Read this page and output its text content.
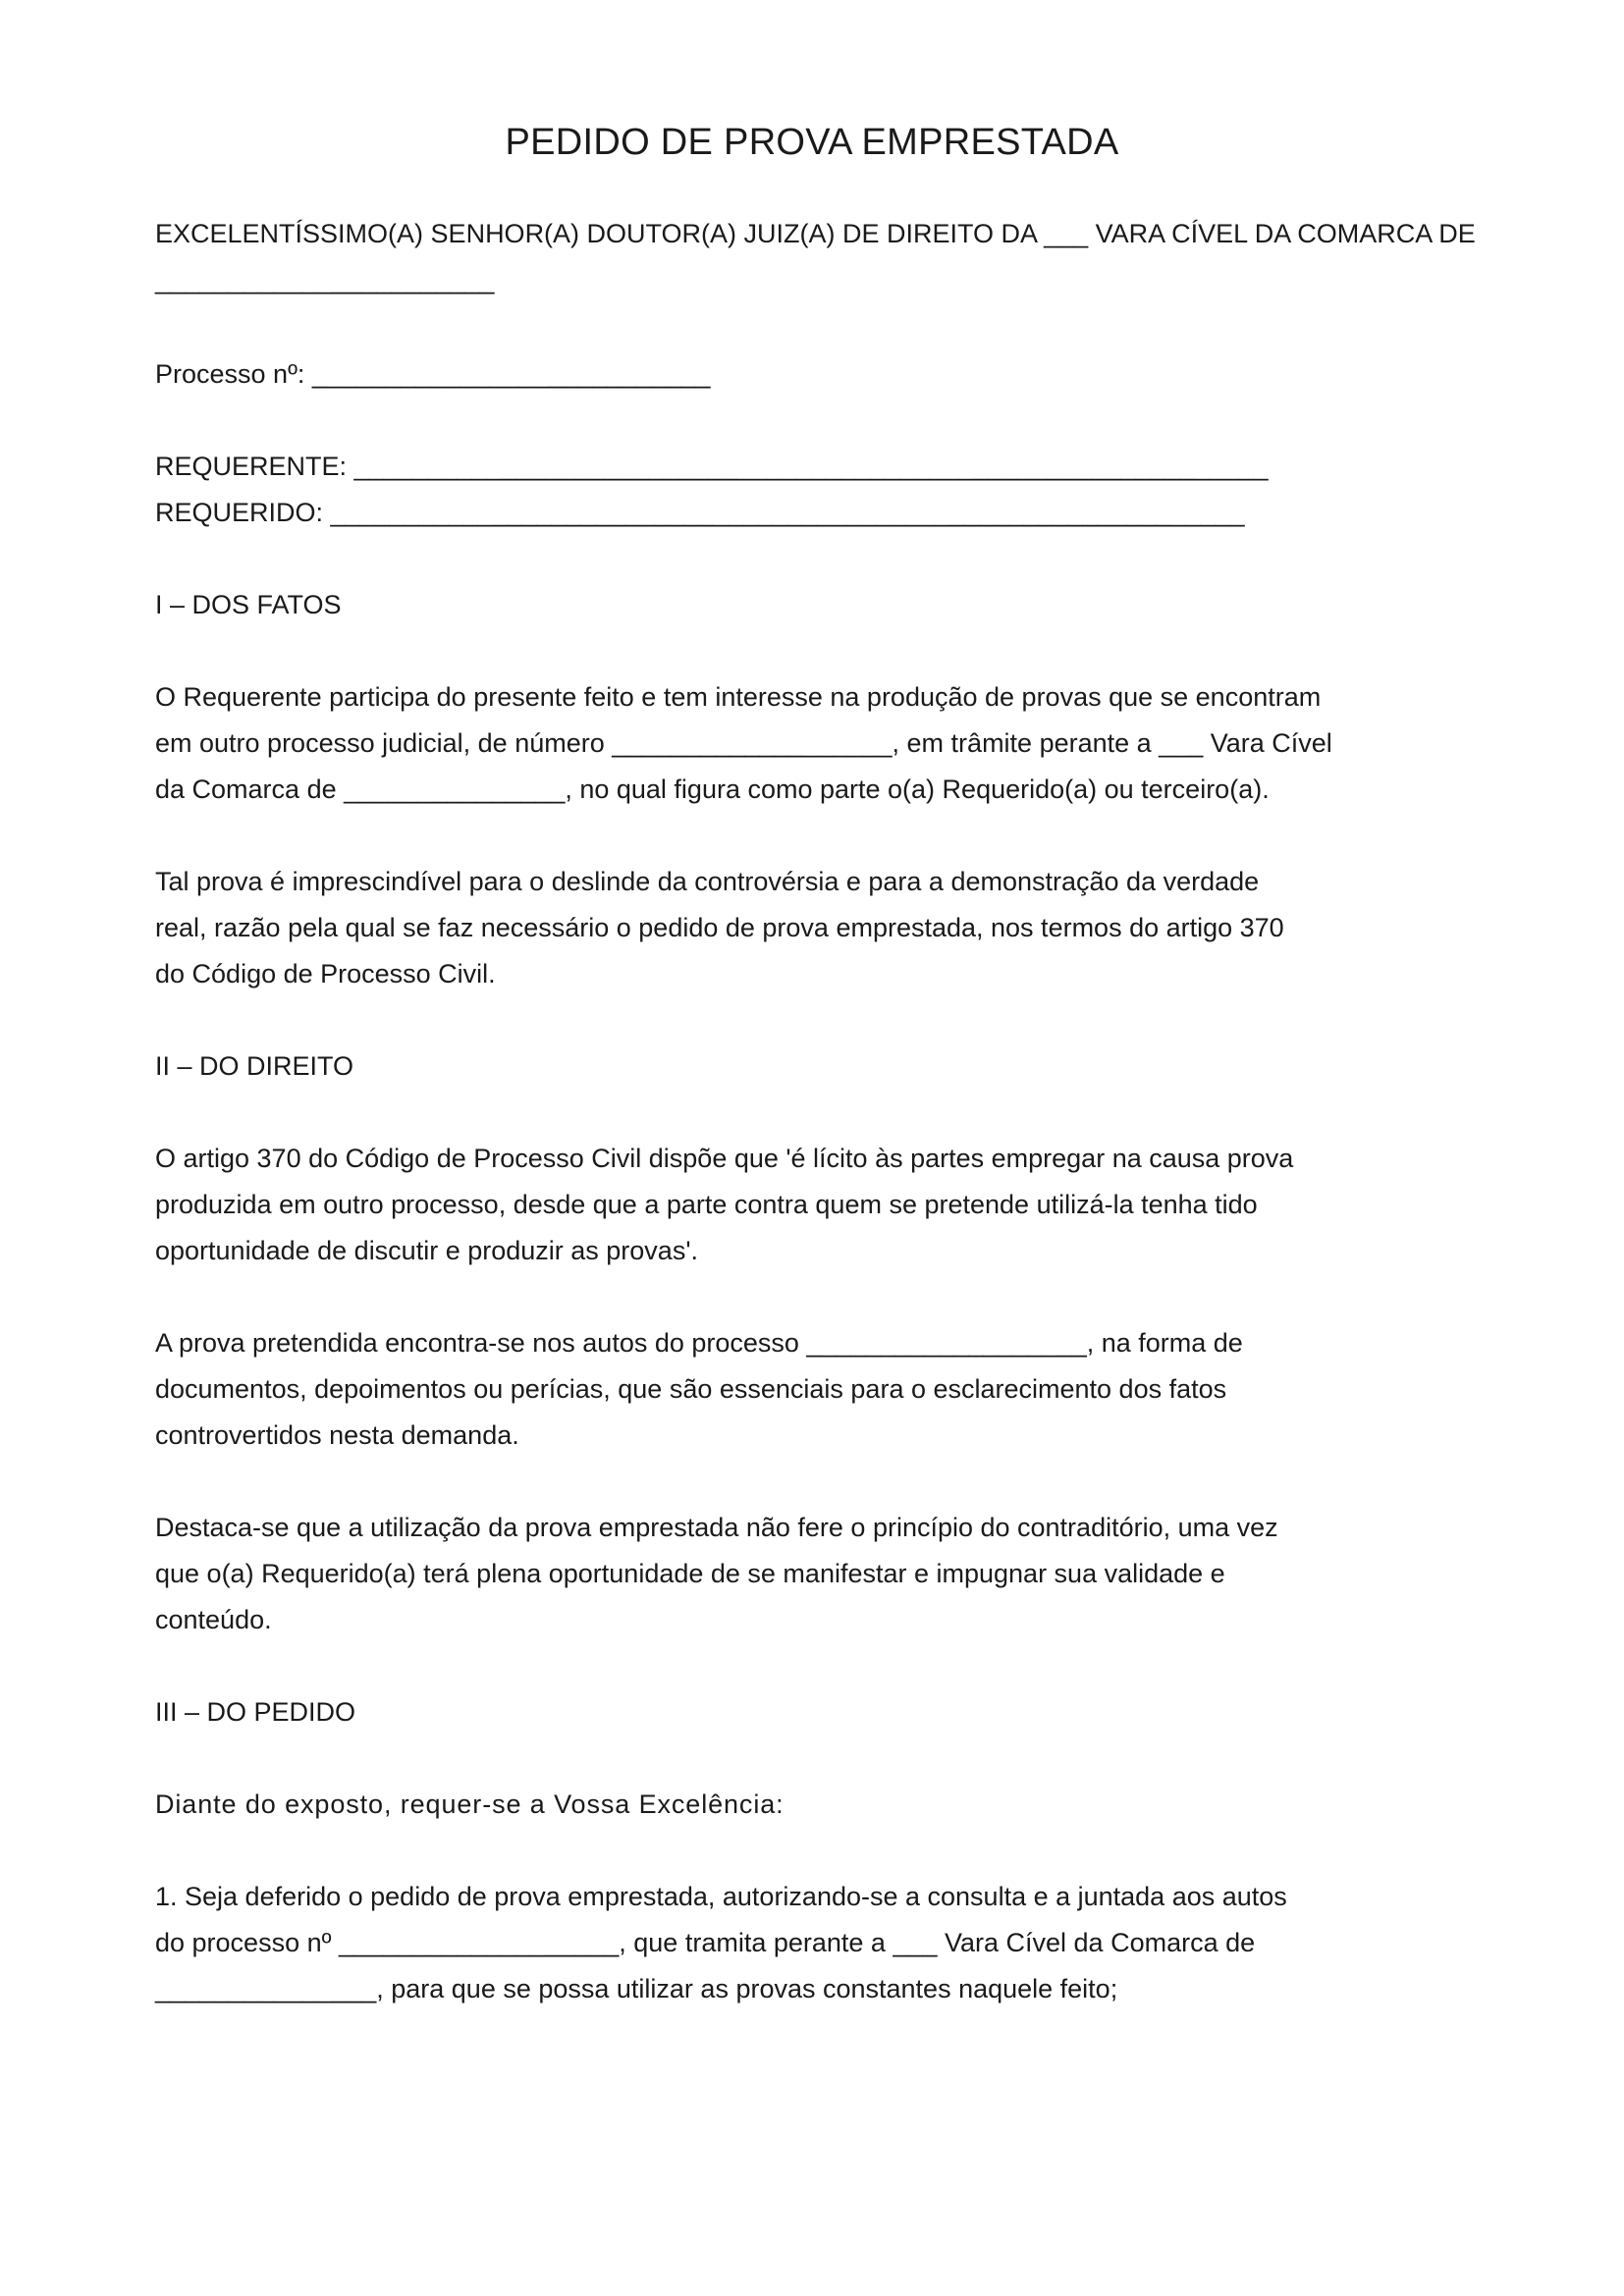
PEDIDO DE PROVA EMPRESTADA
EXCELENTÍSSIMO(A) SENHOR(A) DOUTOR(A) JUIZ(A) DE DIREITO DA ___ VARA CÍVEL DA COMARCA DE
_______________________
Processo nº: ___________________________
REQUERENTE: ______________________________________________________________
REQUERIDO: ______________________________________________________________
I – DOS FATOS
O Requerente participa do presente feito e tem interesse na produção de provas que se encontram
em outro processo judicial, de número ___________________, em trâmite perante a ___ Vara Cível
da Comarca de _______________, no qual figura como parte o(a) Requerido(a) ou terceiro(a).
Tal prova é imprescindível para o deslinde da controvérsia e para a demonstração da verdade
real, razão pela qual se faz necessário o pedido de prova emprestada, nos termos do artigo 370
do Código de Processo Civil.
II – DO DIREITO
O artigo 370 do Código de Processo Civil dispõe que 'é lícito às partes empregar na causa prova
produzida em outro processo, desde que a parte contra quem se pretende utilizá-la tenha tido
oportunidade de discutir e produzir as provas'.
A prova pretendida encontra-se nos autos do processo ___________________, na forma de
documentos, depoimentos ou perícias, que são essenciais para o esclarecimento dos fatos
controvertidos nesta demanda.
Destaca-se que a utilização da prova emprestada não fere o princípio do contraditório, uma vez
que o(a) Requerido(a) terá plena oportunidade de se manifestar e impugnar sua validade e
conteúdo.
III – DO PEDIDO
Diante do exposto, requer-se a Vossa Excelência:
1. Seja deferido o pedido de prova emprestada, autorizando-se a consulta e a juntada aos autos
do processo nº ___________________, que tramita perante a ___ Vara Cível da Comarca de
_______________, para que se possa utilizar as provas constantes naquele feito;
